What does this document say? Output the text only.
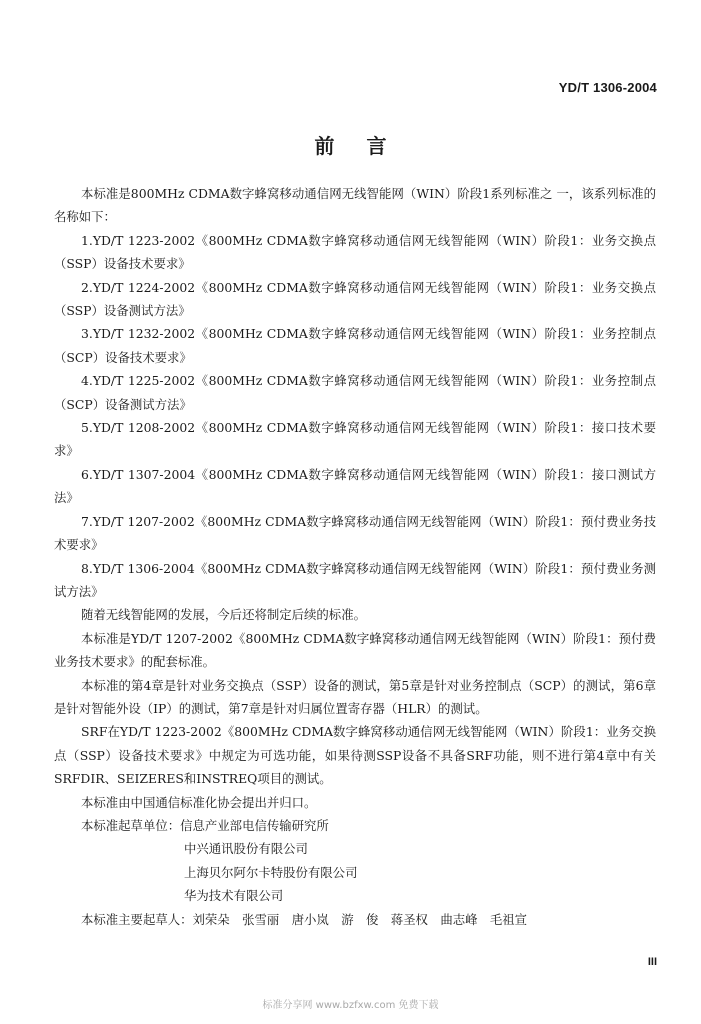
YD/T 1306-2004
前言

本标准是800MHz CDMA数字蜂窝移动通信网无线智能网（WIN）阶段1系列标准之 一，该系列标准的名称如下：

1.YD/T 1223-2002《800MHz CDMA数字蜂窝移动通信网无线智能网（WIN）阶段1：业务交换点（SSP）设备技术要求》

2.YD/T 1224-2002《800MHz CDMA数字蜂窝移动通信网无线智能网（WIN）阶段1：业务交换点（SSP）设备测试方法》

3.YD/T 1232-2002《800MHz CDMA数字蜂窝移动通信网无线智能网（WIN）阶段1：业务控制点（SCP）设备技术要求》

4.YD/T 1225-2002《800MHz CDMA数字蜂窝移动通信网无线智能网（WIN）阶段1：业务控制点（SCP）设备测试方法》

5.YD/T 1208-2002《800MHz CDMA数字蜂窝移动通信网无线智能网（WIN）阶段1：接口技术要求》

6.YD/T 1307-2004《800MHz CDMA数字蜂窝移动通信网无线智能网（WIN）阶段1：接口测试方法》

7.YD/T 1207-2002《800MHz CDMA数字蜂窝移动通信网无线智能网（WIN）阶段1：预付费业务技术要求》

8.YD/T 1306-2004《800MHz CDMA数字蜂窝移动通信网无线智能网（WIN）阶段1：预付费业务测试方法》

随着无线智能网的发展，今后还将制定后续的标准。

本标准是YD/T 1207-2002《800MHz CDMA数字蜂窝移动通信网无线智能网（WIN）阶段1：预付费业务技术要求》的配套标准。

本标准的第4章是针对业务交换点（SSP）设备的测试，第5章是针对业务控制点（SCP）的测试，第6章是针对智能外设（IP）的测试，第7章是针对归属位置寄存器（HLR）的测试。

SRF在YD/T 1223-2002《800MHz CDMA数字蜂窝移动通信网无线智能网（WIN）阶段1：业务交换点（SSP）设备技术要求》中规定为可选功能，如果待测SSP设备不具备SRF功能，则不进行第4章中有关SRFDIR、SEIZERES和INSTREQ项目的测试。

本标准由中国通信标准化协会提出并归口。

本标准起草单位：信息产业部电信传输研究所

中兴通讯股份有限公司

上海贝尔阿尔卡特股份有限公司

华为技术有限公司

本标准主要起草人：刘荣朵　张雪丽　唐小岚　游　俊　蒋圣权　曲志峰　毛祖宣

III
标准分享网 www.bzfxw.com 免费下载
